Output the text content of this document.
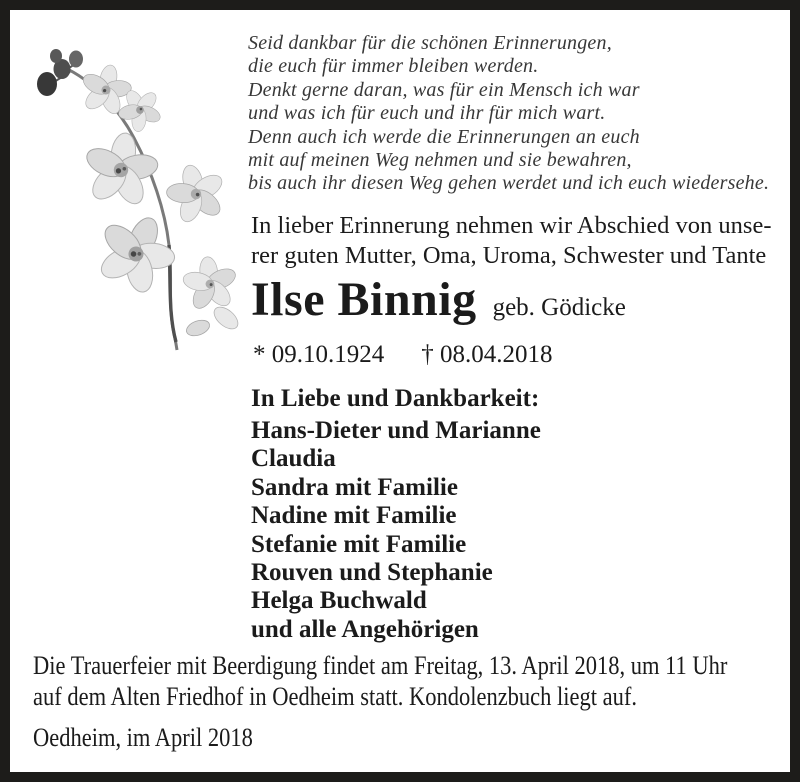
Seid dankbar für die schönen Erinnerungen,
die euch für immer bleiben werden.
Denkt gerne daran, was für ein Mensch ich war
und was ich für euch und ihr für mich wart.
Denn auch ich werde die Erinnerungen an euch
mit auf meinen Weg nehmen und sie bewahren,
bis auch ihr diesen Weg gehen werdet und ich euch wiedersehe.
In lieber Erinnerung nehmen wir Abschied von unse-
rer guten Mutter, Oma, Uroma, Schwester und Tante
Ilse Binnig geb. Gödicke
* 09.10.1924 † 08.04.2018
In Liebe und Dankbarkeit:
Hans-Dieter und Marianne
Claudia
Sandra mit Familie
Nadine mit Familie
Stefanie mit Familie
Rouven und Stephanie
Helga Buchwald
und alle Angehörigen
Die Trauerfeier mit Beerdigung findet am Freitag, 13. April 2018, um 11 Uhr
auf dem Alten Friedhof in Oedheim statt. Kondolenzbuch liegt auf.
Oedheim, im April 2018
